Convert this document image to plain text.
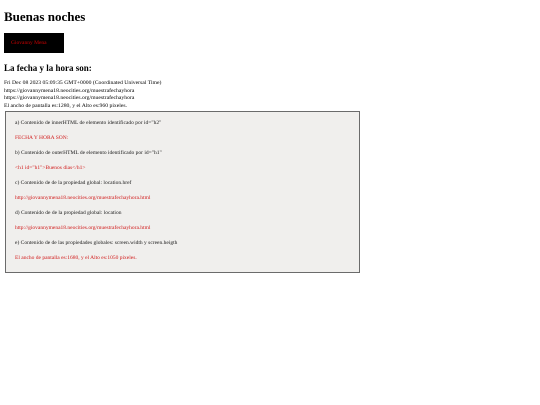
Buenas noches
Giovanny Mena
La fecha y la hora son:
Fri Dec 08 2023 05:09:35 GMT+0000 (Coordinated Universal Time)
https://giovannymena18.neocities.org/muestrafechayhora
https://giovannymena18.neocities.org/muestrafechayhora
El ancho de pantalla es:1280, y el Alto es:960 pixeles.
a) Contenido de innerHTML de elemento identificado por id="h2"
FECHA Y HORA SON:
b) Contenido de outerHTML de elemento identificado por id="h1"
<h1 id="h1">Buenos dias</h1>
c) Contenido de de la propiedad global: location.href
http://giovannymena18.neocities.org/muestrafechayhora.html
d) Contenido de de la propiedad global: location
http://giovannymena18.neocities.org/muestrafechayhora.html
e) Contenido de de las propiedades globales: screen.width y screen.heigth
El ancho de pantalla es:1680, y el Alto es:1050 pixeles.
